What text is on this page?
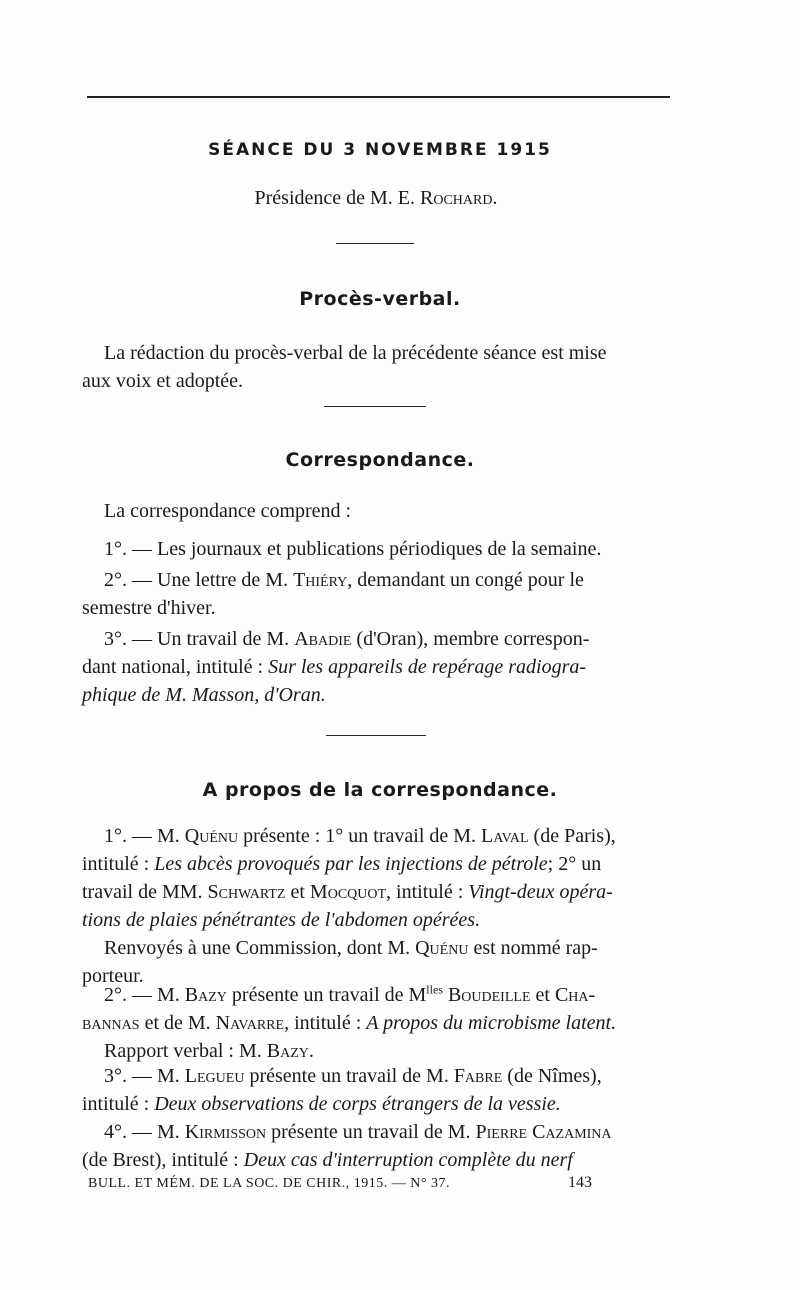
SÉANCE DU 3 NOVEMBRE 1915
Présidence de M. E. Rochard.
Procès-verbal.
La rédaction du procès-verbal de la précédente séance est mise
aux voix et adoptée.
Correspondance.
La correspondance comprend :
1°. — Les journaux et publications périodiques de la semaine.
2°. — Une lettre de M. Thiéry, demandant un congé pour le
semestre d'hiver.
3°. — Un travail de M. Abadie (d'Oran), membre correspon-
dant national, intitulé : Sur les appareils de repérage radiogra-
phique de M. Masson, d'Oran.
A propos de la correspondance.
1°. — M. Quénu présente : 1° un travail de M. Laval (de Paris),
intitulé : Les abcès provoqués par les injections de pétrole; 2° un
travail de MM. Schwartz et Mocquot, intitulé : Vingt-deux opéra-
tions de plaies pénétrantes de l'abdomen opérées.
Renvoyés à une Commission, dont M. Quénu est nommé rap-
porteur.
2°. — M. Bazy présente un travail de $M^{lles}$ Boudeille et Cha-
bannas et de M. Navarre, intitulé : A propos du microbisme latent.
Rapport verbal : M. Bazy.
3°. — M. Legueu présente un travail de M. Fabre (de Nîmes),
intitulé : Deux observations de corps étrangers de la vessie.
4°. — M. Kirmisson présente un travail de M. Pierre Cazamina
(de Brest), intitulé : Deux cas d'interruption complète du nerf
BULL. ET MÉM. DE LA SOC. DE CHIR., 1915. — N° 37.	143
